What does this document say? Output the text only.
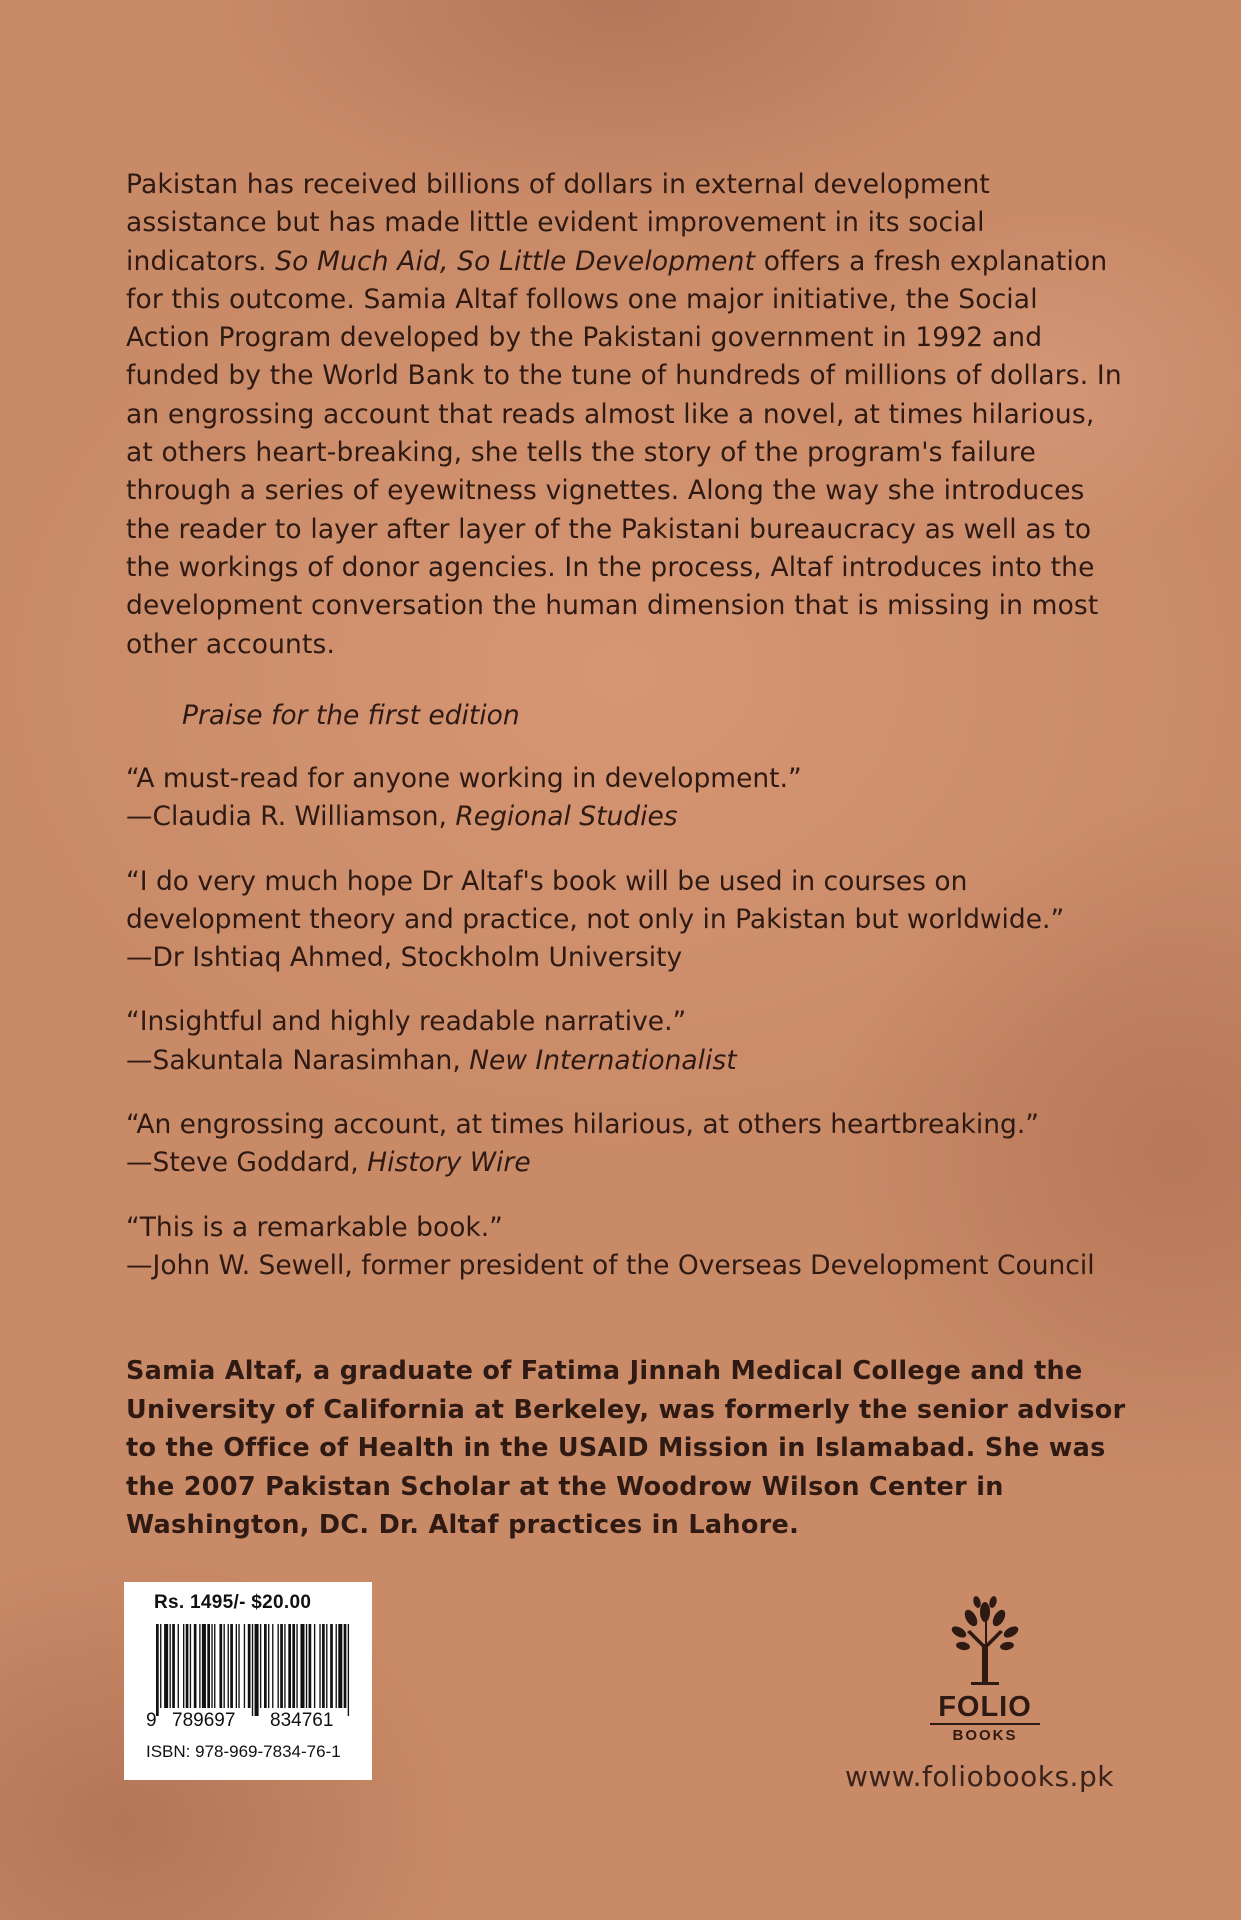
Pakistan has received billions of dollars in external development assistance but has made little evident improvement in its social indicators. So Much Aid, So Little Development offers a fresh explanation for this outcome. Samia Altaf follows one major initiative, the Social Action Program developed by the Pakistani government in 1992 and funded by the World Bank to the tune of hundreds of millions of dollars. In an engrossing account that reads almost like a novel, at times hilarious, at others heart-breaking, she tells the story of the program's failure through a series of eyewitness vignettes. Along the way she introduces the reader to layer after layer of the Pakistani bureaucracy as well as to the workings of donor agencies. In the process, Altaf introduces into the development conversation the human dimension that is missing in most other accounts.
Praise for the first edition

“A must-read for anyone working in development.”

—Claudia R. Williamson, Regional Studies

“I do very much hope Dr Altaf's book will be used in courses on development theory and practice, not only in Pakistan but worldwide.”

—Dr Ishtiaq Ahmed, Stockholm University

“Insightful and highly readable narrative.”

—Sakuntala Narasimhan, New Internationalist

“An engrossing account, at times hilarious, at others heartbreaking.”

—Steve Goddard, History Wire

“This is a remarkable book.”

—John W. Sewell, former president of the Overseas Development Council

Samia Altaf, a graduate of Fatima Jinnah Medical College and the University of California at Berkeley, was formerly the senior advisor to the Office of Health in the USAID Mission in Islamabad. She was the 2007 Pakistan Scholar at the Woodrow Wilson Center in Washington, DC. Dr. Altaf practices in Lahore.
Rs. 1495/- $20.00
9 789697 834761
ISBN: 978-969-7834-76-1
FOLIO
BOOKS
www.foliobooks.pk
